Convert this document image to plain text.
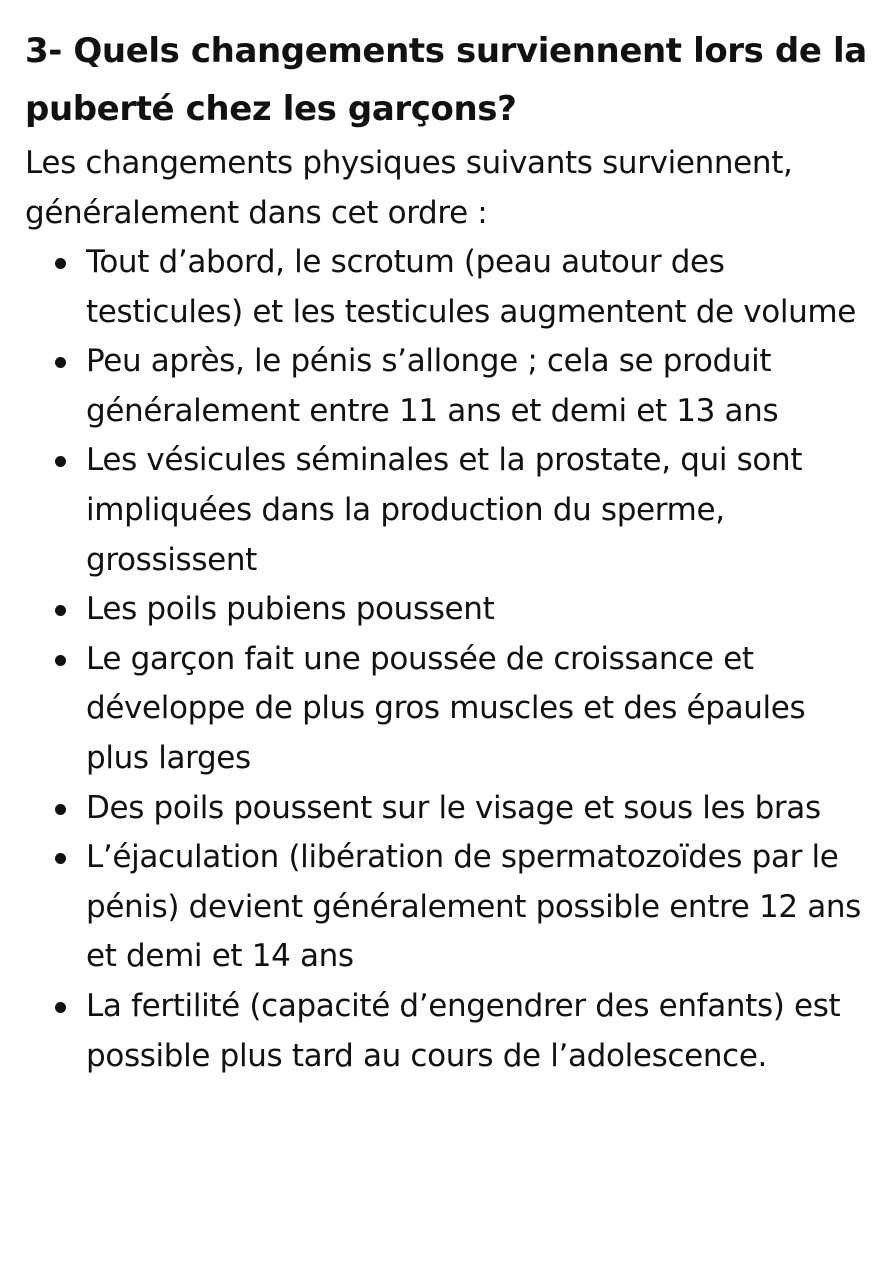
3- Quels changements surviennent lors de la puberté chez les garçons?

Les changements physiques suivants surviennent, généralement dans cet ordre :

Tout d’abord, le scrotum (peau autour des testicules) et les testicules augmentent de volume
Peu après, le pénis s’allonge ; cela se produit généralement entre 11 ans et demi et 13 ans
Les vésicules séminales et la prostate, qui sont impliquées dans la production du sperme, grossissent
Les poils pubiens poussent
Le garçon fait une poussée de croissance et développe de plus gros muscles et des épaules plus larges
Des poils poussent sur le visage et sous les bras
L’éjaculation (libération de spermatozoïdes par le pénis) devient généralement possible entre 12 ans et demi et 14 ans
La fertilité (capacité d’engendrer des enfants) est possible plus tard au cours de l’adolescence.
